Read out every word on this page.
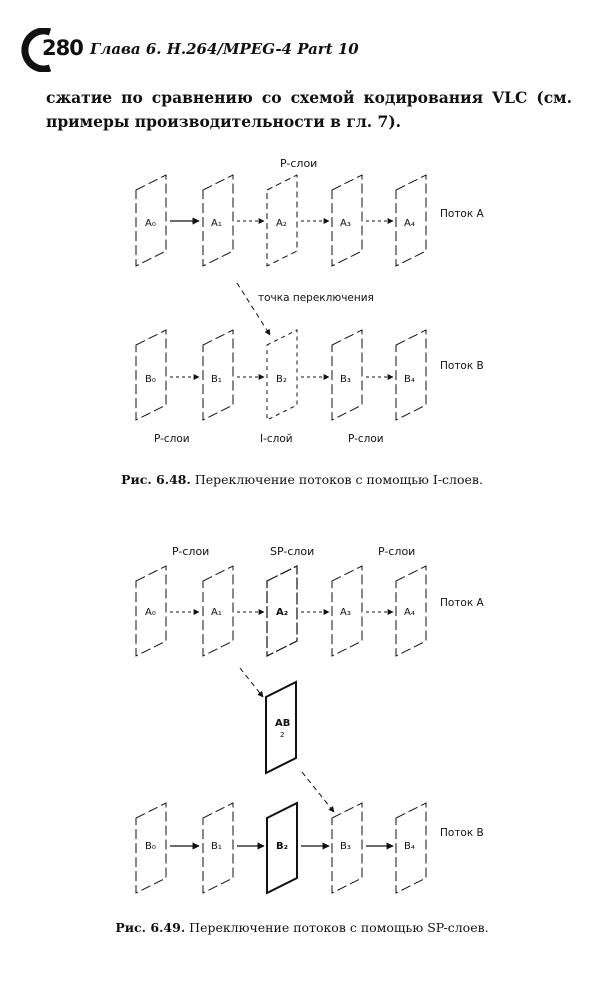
280 Глава 6. H.264/MPEG-4 Part 10
сжатие по сравнению со схемой кодирования VLC (см. примеры производительности в гл. 7).
P-слои
A₀	A₁	A₂	A₃	A₄
Поток A
точка переключения
B₀	B₁	B₂	B₃	B₄
Поток B
P-слои	I-слой	P-слои
P-слои	SP-слои	P-слои
A₀	A₁	A₂	A₃	A₄
Поток A
AB
2
B₀	B₁	B₂	B₃	B₄
Поток B
Рис. 6.48. Переключение потоков с помощью I-слоев.
Рис. 6.49. Переключение потоков с помощью SP-слоев.
